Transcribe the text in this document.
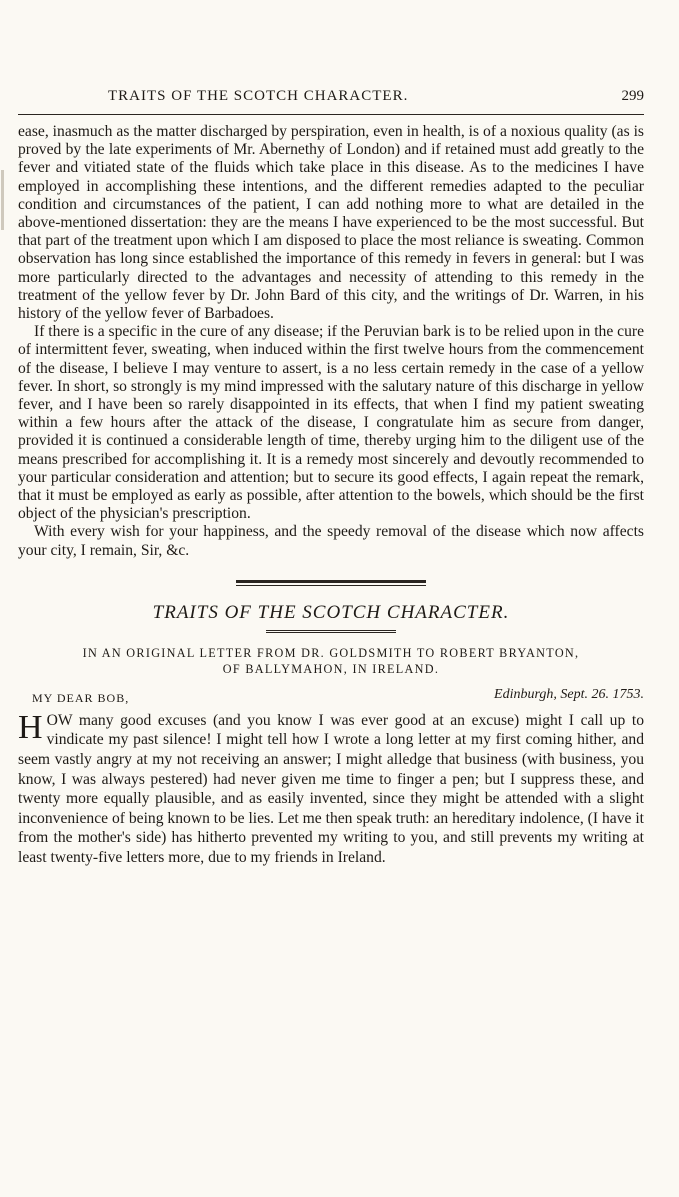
TRAITS OF THE SCOTCH CHARACTER.	299

ease, inasmuch as the matter discharged by perspiration, even in health, is of a noxious quality (as is proved by the late experiments of Mr. Abernethy of London) and if retained must add greatly to the fever and vitiated state of the fluids which take place in this disease. As to the medicines I have employed in accomplishing these intentions, and the different remedies adapted to the peculiar condition and circumstances of the patient, I can add nothing more to what are detailed in the above-mentioned dissertation: they are the means I have experienced to be the most successful. But that part of the treatment upon which I am disposed to place the most reliance is sweating. Common observation has long since established the importance of this remedy in fevers in general: but I was more particularly directed to the advantages and necessity of attending to this remedy in the treatment of the yellow fever by Dr. John Bard of this city, and the writings of Dr. Warren, in his history of the yellow fever of Barbadoes.

If there is a specific in the cure of any disease; if the Peruvian bark is to be relied upon in the cure of intermittent fever, sweating, when induced within the first twelve hours from the commencement of the disease, I believe I may venture to assert, is a no less certain remedy in the case of a yellow fever. In short, so strongly is my mind impressed with the salutary nature of this discharge in yellow fever, and I have been so rarely disappointed in its effects, that when I find my patient sweating within a few hours after the attack of the disease, I congratulate him as secure from danger, provided it is continued a considerable length of time, thereby urging him to the diligent use of the means prescribed for accomplishing it. It is a remedy most sincerely and devoutly recommended to your particular consideration and attention; but to secure its good effects, I again repeat the remark, that it must be employed as early as possible, after attention to the bowels, which should be the first object of the physician's prescription.

With every wish for your happiness, and the speedy removal of the disease which now affects your city, I remain, Sir, &c.

TRAITS OF THE SCOTCH CHARACTER.
IN AN ORIGINAL LETTER FROM DR. GOLDSMITH TO ROBERT BRYANTON,
OF BALLYMAHON, IN IRELAND.
MY DEAR BOB,	Edinburgh, Sept. 26. 1753.

HOW many good excuses (and you know I was ever good at an excuse) might I call up to vindicate my past silence! I might tell how I wrote a long letter at my first coming hither, and seem vastly angry at my not receiving an answer; I might alledge that business (with business, you know, I was always pestered) had never given me time to finger a pen; but I suppress these, and twenty more equally plausible, and as easily invented, since they might be attended with a slight inconvenience of being known to be lies. Let me then speak truth: an hereditary indolence, (I have it from the mother's side) has hitherto prevented my writing to you, and still prevents my writing at least twenty-five letters more, due to my friends in Ireland.
